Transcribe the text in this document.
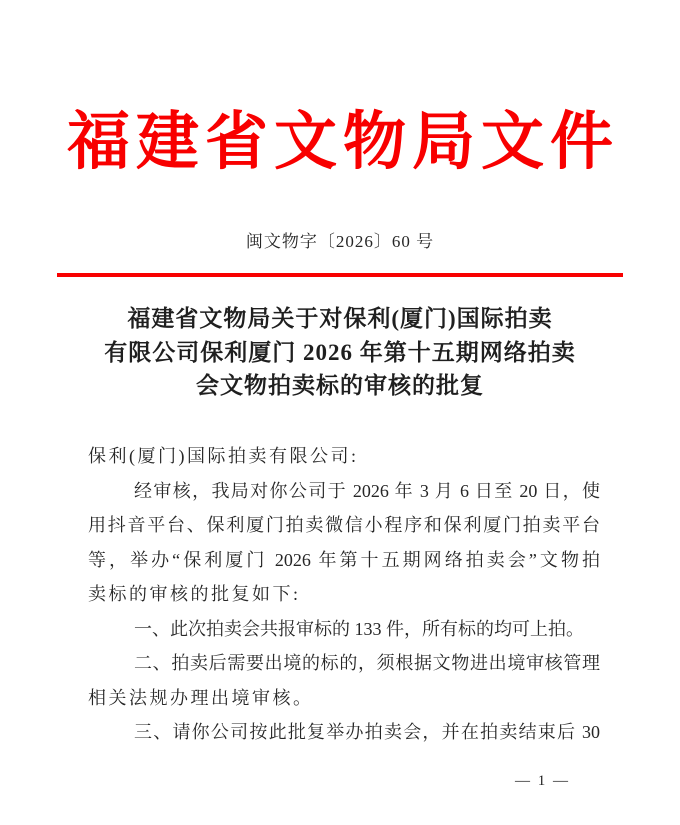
福建省文物局文件
闽文物字〔2026〕60 号
福建省文物局关于对保利(厦门)国际拍卖
有限公司保利厦门 2026 年第十五期网络拍卖
会文物拍卖标的审核的批复
保利(厦门)国际拍卖有限公司:
经审核，我局对你公司于 2026 年 3 月 6 日至 20 日，使
用抖音平台、保利厦门拍卖微信小程序和保利厦门拍卖平台
等，举办“保利厦门 2026 年第十五期网络拍卖会”文物拍
卖标的审核的批复如下:
一、此次拍卖会共报审标的 133 件，所有标的均可上拍。
二、拍卖后需要出境的标的，须根据文物进出境审核管理
相关法规办理出境审核。
三、请你公司按此批复举办拍卖会，并在拍卖结束后 30
— 1 —
